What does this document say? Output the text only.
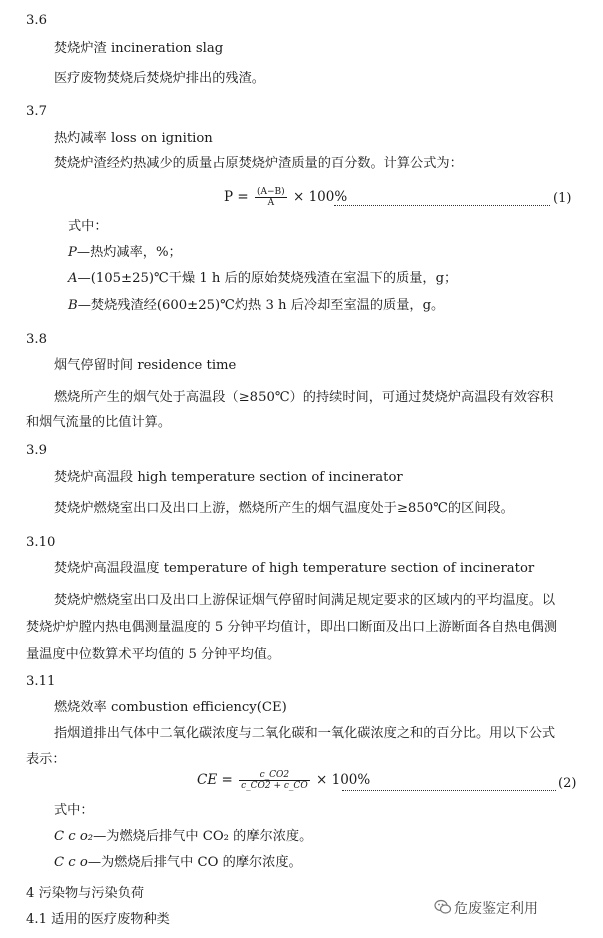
3.6
焚烧炉渣 incineration slag
医疗废物焚烧后焚烧炉排出的残渣。
3.7
热灼减率 loss on ignition
焚烧炉渣经灼热减少的质量占原焚烧炉渣质量的百分数。计算公式为：
$P = \frac{(A-B)}{A} \times 100\%$	(1)
式中：
P—热灼减率，%；
A—(105±25)℃干燥 1 h 后的原始焚烧残渣在室温下的质量，g；
B—焚烧残渣经(600±25)℃灼热 3 h 后冷却至室温的质量，g。
3.8
烟气停留时间 residence time
燃烧所产生的烟气处于高温段（≥850℃）的持续时间，可通过焚烧炉高温段有效容积
和烟气流量的比值计算。
3.9
焚烧炉高温段 high temperature section of incinerator
焚烧炉燃烧室出口及出口上游，燃烧所产生的烟气温度处于≥850℃的区间段。
3.10
焚烧炉高温段温度 temperature of high temperature section of incinerator
焚烧炉燃烧室出口及出口上游保证烟气停留时间满足规定要求的区域内的平均温度。以
焚烧炉炉膛内热电偶测量温度的 5 分钟平均值计，即出口断面及出口上游断面各自热电偶测
量温度中位数算术平均值的 5 分钟平均值。
3.11
燃烧效率 combustion efficiency(CE)
指烟道排出气体中二氧化碳浓度与二氧化碳和一氧化碳浓度之和的百分比。用以下公式
表示：
CE = $\frac{c\_CO2}{c\_CO2 + c\_CO} \times 100\%$	(2)
式中：
C c o₂—为燃烧后排气中 CO₂ 的摩尔浓度。
C c o—为燃烧后排气中 CO 的摩尔浓度。
4 污染物与污染负荷
4.1 适用的医疗废物种类
危废鉴定利用
